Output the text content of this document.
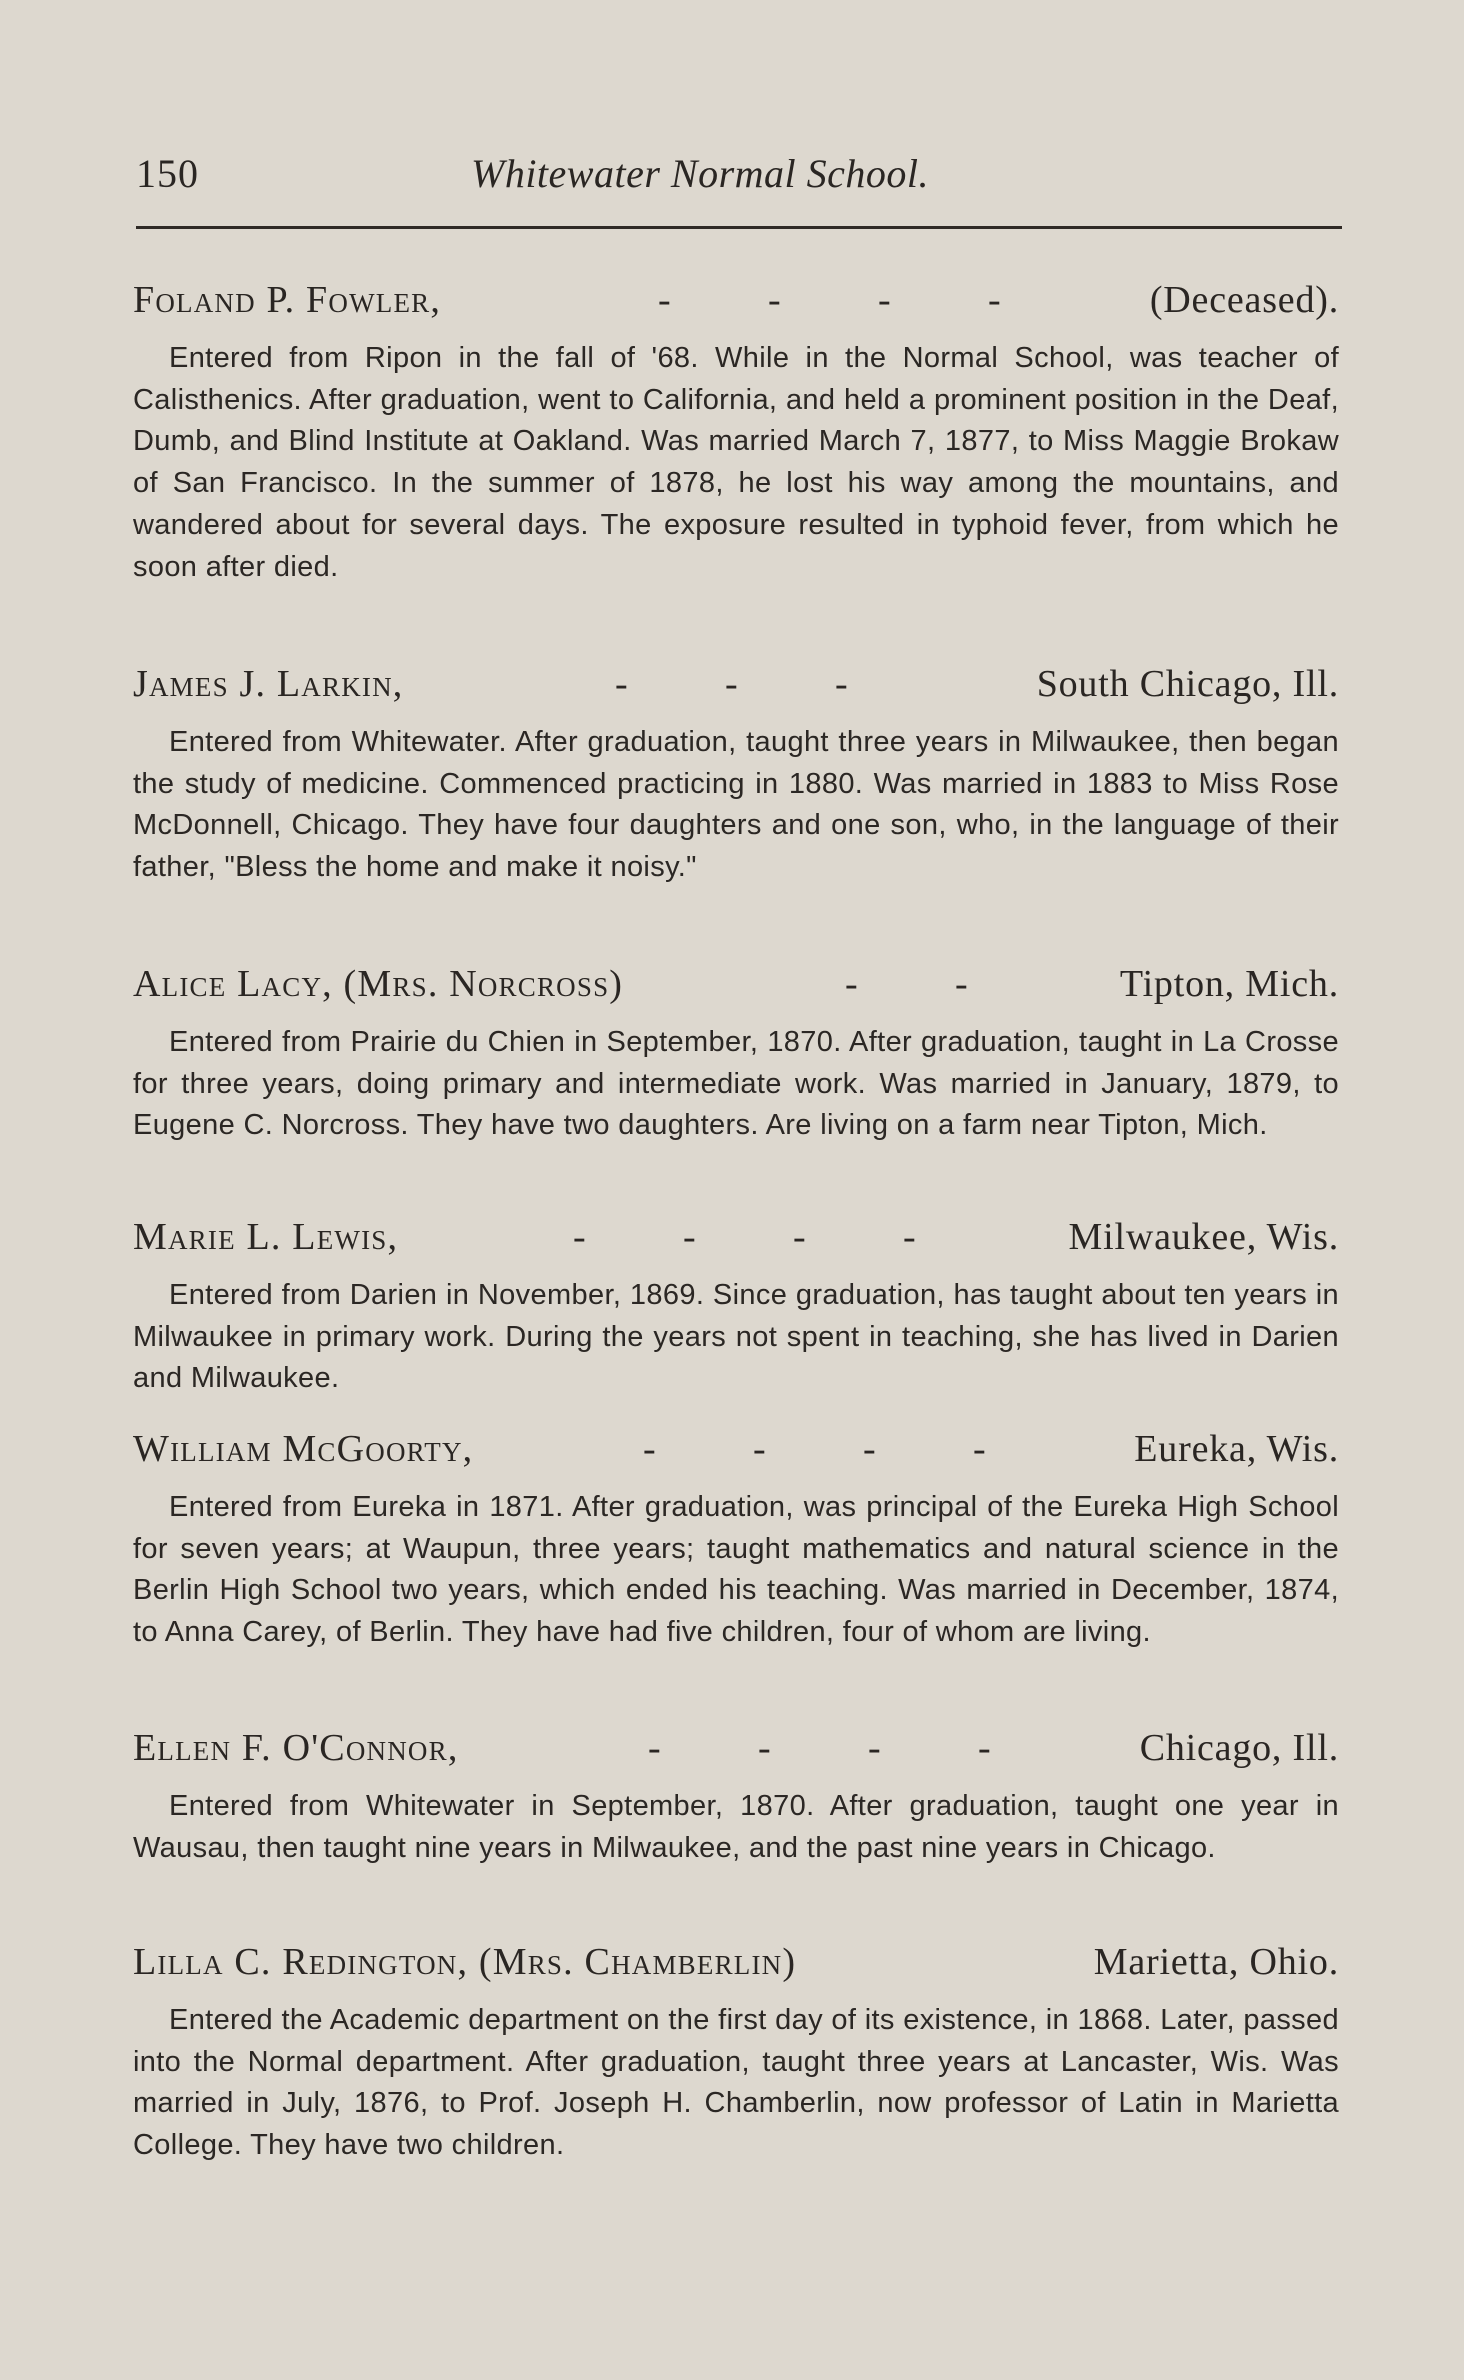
150	Whitewater Normal School.
Foland P. Fowler,	-	-	-	-	(Deceased).
Entered from Ripon in the fall of '68. While in the Normal School, was teacher of Calisthenics. After graduation, went to California, and held a prominent position in the Deaf, Dumb, and Blind Institute at Oakland. Was married March 7, 1877, to Miss Maggie Brokaw of San Francisco. In the summer of 1878, he lost his way among the mountains, and wandered about for several days. The exposure resulted in typhoid fever, from which he soon after died.
James J. Larkin,	-	-	-	South Chicago, Ill.
Entered from Whitewater. After graduation, taught three years in Milwaukee, then began the study of medicine. Commenced practicing in 1880. Was married in 1883 to Miss Rose McDonnell, Chicago. They have four daughters and one son, who, in the language of their father, "Bless the home and make it noisy."
Alice Lacy, (Mrs. Norcross)	-	-	Tipton, Mich.
Entered from Prairie du Chien in September, 1870. After graduation, taught in La Crosse for three years, doing primary and intermediate work. Was married in January, 1879, to Eugene C. Norcross. They have two daughters. Are living on a farm near Tipton, Mich.
Marie L. Lewis,	-	-	-	-	Milwaukee, Wis.
Entered from Darien in November, 1869. Since graduation, has taught about ten years in Milwaukee in primary work. During the years not spent in teaching, she has lived in Darien and Milwaukee.
William McGoorty,	-	-	-	-	Eureka, Wis.
Entered from Eureka in 1871. After graduation, was principal of the Eureka High School for seven years; at Waupun, three years; taught mathematics and natural science in the Berlin High School two years, which ended his teaching. Was married in December, 1874, to Anna Carey, of Berlin. They have had five children, four of whom are living.
Ellen F. O'Connor,	-	-	-	-	Chicago, Ill.
Entered from Whitewater in September, 1870. After graduation, taught one year in Wausau, then taught nine years in Milwaukee, and the past nine years in Chicago.
Lilla C. Redington, (Mrs. Chamberlin)	Marietta, Ohio.
Entered the Academic department on the first day of its existence, in 1868. Later, passed into the Normal department. After graduation, taught three years at Lancaster, Wis. Was married in July, 1876, to Prof. Joseph H. Chamberlin, now professor of Latin in Marietta College. They have two children.
